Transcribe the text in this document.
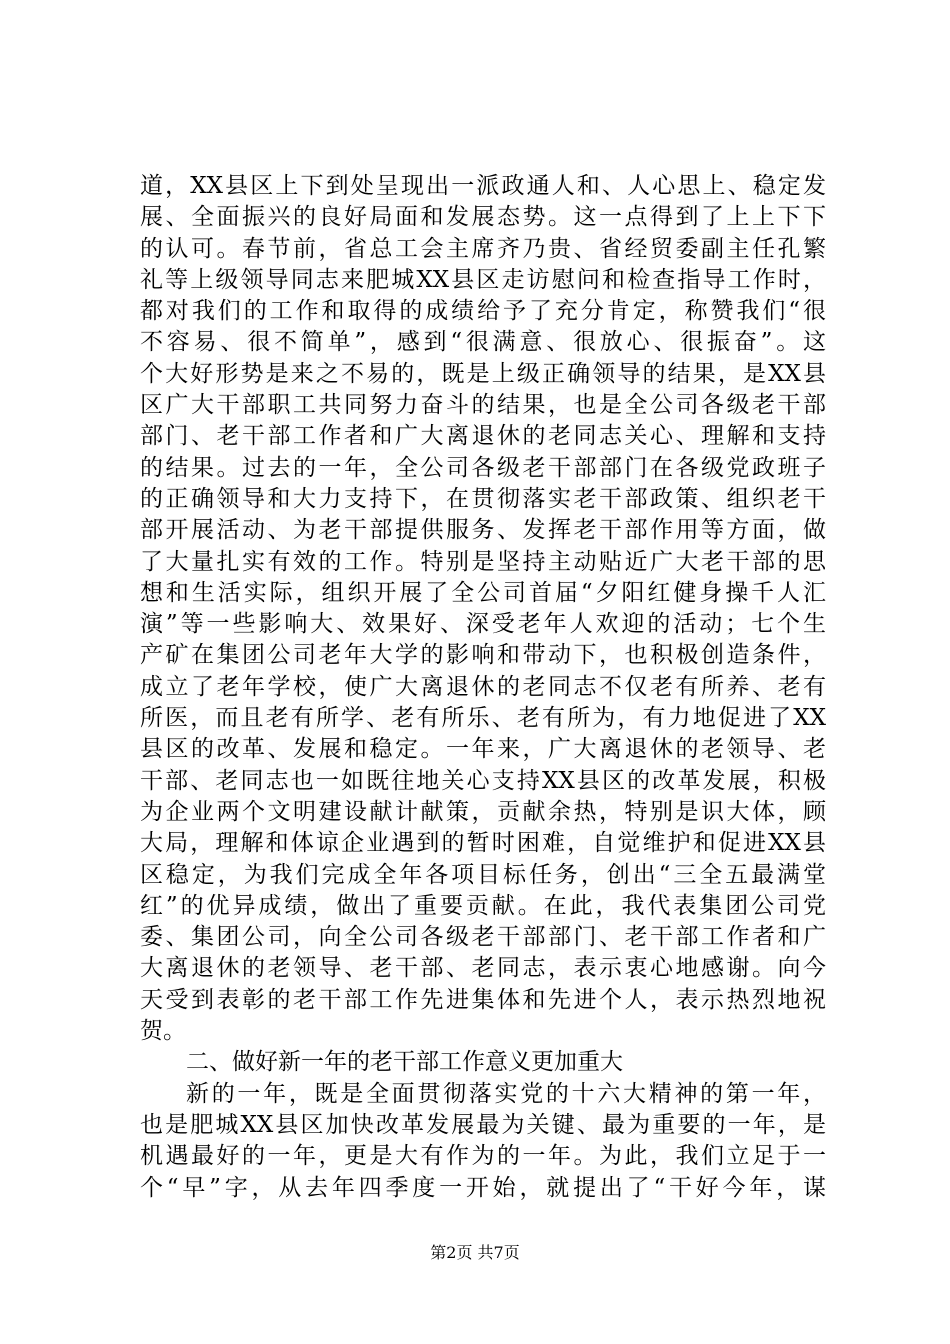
道，XX县区上下到处呈现出一派政通人和、人心思上、稳定发
展、全面振兴的良好局面和发展态势。这一点得到了上上下下
的认可。春节前，省总工会主席齐乃贵、省经贸委副主任孔繁
礼等上级领导同志来肥城XX县区走访慰问和检查指导工作时，
都对我们的工作和取得的成绩给予了充分肯定，称赞我们“很
不容易、很不简单”，感到“很满意、很放心、很振奋”。这
个大好形势是来之不易的，既是上级正确领导的结果，是XX县
区广大干部职工共同努力奋斗的结果，也是全公司各级老干部
部门、老干部工作者和广大离退休的老同志关心、理解和支持
的结果。过去的一年，全公司各级老干部部门在各级党政班子
的正确领导和大力支持下，在贯彻落实老干部政策、组织老干
部开展活动、为老干部提供服务、发挥老干部作用等方面，做
了大量扎实有效的工作。特别是坚持主动贴近广大老干部的思
想和生活实际，组织开展了全公司首届“夕阳红健身操千人汇
演”等一些影响大、效果好、深受老年人欢迎的活动；七个生
产矿在集团公司老年大学的影响和带动下，也积极创造条件，
成立了老年学校，使广大离退休的老同志不仅老有所养、老有
所医，而且老有所学、老有所乐、老有所为，有力地促进了XX
县区的改革、发展和稳定。一年来，广大离退休的老领导、老
干部、老同志也一如既往地关心支持XX县区的改革发展，积极
为企业两个文明建设献计献策，贡献余热，特别是识大体，顾
大局，理解和体谅企业遇到的暂时困难，自觉维护和促进XX县
区稳定，为我们完成全年各项目标任务，创出“三全五最满堂
红”的优异成绩，做出了重要贡献。在此，我代表集团公司党
委、集团公司，向全公司各级老干部部门、老干部工作者和广
大离退休的老领导、老干部、老同志，表示衷心地感谢。向今
天受到表彰的老干部工作先进集体和先进个人，表示热烈地祝
贺。
二、做好新一年的老干部工作意义更加重大
新的一年，既是全面贯彻落实党的十六大精神的第一年，
也是肥城XX县区加快改革发展最为关键、最为重要的一年，是
机遇最好的一年，更是大有作为的一年。为此，我们立足于一
个“早”字，从去年四季度一开始，就提出了“干好今年，谋
第2页 共7页
